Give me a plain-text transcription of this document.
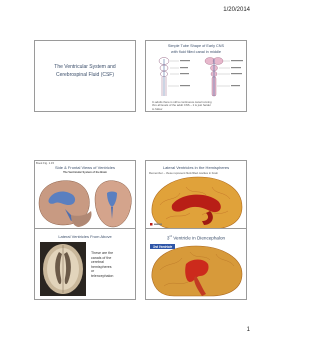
1/20/2014
The Ventricular System and
Cerebrospinal Fluid (CSF)
Simple Tube Shape of Early CNS
with fluid filled canal in middle
In adults there is still a continuous canal running thru all levels of the adult CNS – it is just harder to follow
Book Fig. 1.15
Side & Frontal Views of Ventricles
The Ventricular System of the Brain
Lateral Ventricles in the Hemispheres
Remember – these represent fluid-filled cavities in brain
Lateral Ventricles From Above
These are the
canals of the
cerebral
hemispheres
or
telencephalon
3rd Ventricle in Diencephalon
3rd Ventricle
1
